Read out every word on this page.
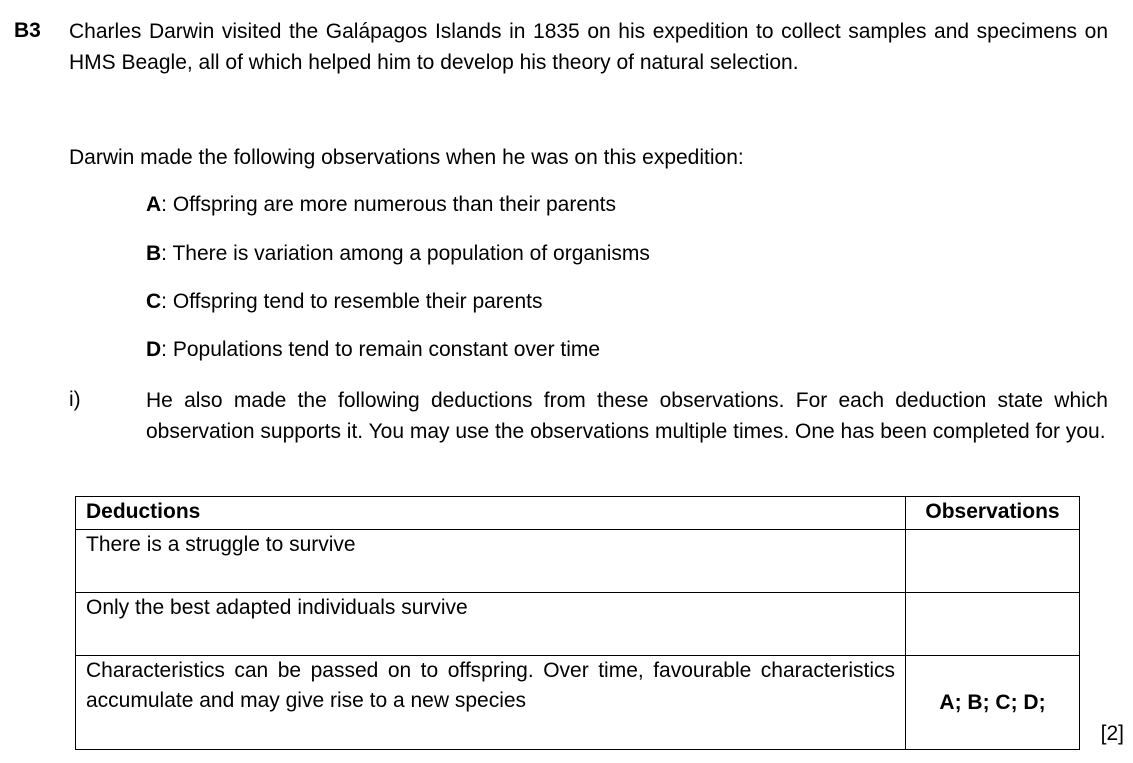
B3 Charles Darwin visited the Galápagos Islands in 1835 on his expedition to collect samples and specimens on HMS Beagle, all of which helped him to develop his theory of natural selection.
Darwin made the following observations when he was on this expedition:
A: Offspring are more numerous than their parents
B: There is variation among a population of organisms
C: Offspring tend to resemble their parents
D: Populations tend to remain constant over time
i)	He also made the following deductions from these observations. For each deduction state which observation supports it. You may use the observations multiple times. One has been completed for you.
Deductions	Observations
There is a struggle to survive	
Only the best adapted individuals survive	
Characteristics can be passed on to offspring. Over time, favourable characteristics accumulate and may give rise to a new species	A; B; C; D;
[2]
